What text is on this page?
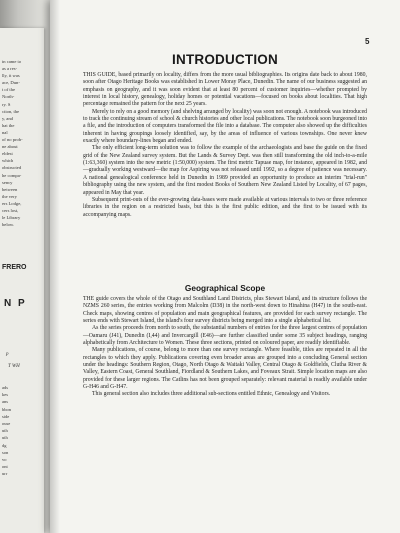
in came to
as a res-
lly, it was
ace, Dun-
t of the
North-
ry. S
ction, the
y, and
hat the
nal
of no prob-
ne about
eldest
which
obstructed
he compa-
sency
between
the very
ers Lodge,
cers lost,
le Library
below.
FRERO
N P
p
T WH
ads
kes
ans
bbon
side
ouse
uth
uth
dg
son
vo
ont
urr
5
INTRODUCTION

THIS GUIDE, based primarily on locality, differs from the more usual bibliographies. Its origins date back to about 1980, soon after Otago Heritage Books was established in Lower Moray Place, Dunedin. The name of our business suggested an emphasis on geography, and it was soon evident that at least 80 percent of customer inquiries—whether prompted by interest in local history, genealogy, holiday homes or potential vacations—focused on books about localities. That high percentage remained the pattern for the next 25 years.

Merely to rely on a good memory (and shelving arranged by locality) was soon not enough. A notebook was introduced to track the continuing stream of school & church histories and other local publications. The notebook soon burgeoned into a file, and the introduction of computers transformed the file into a database. The computer also showed up the difficulties inherent in having groupings loosely identified, say, by the areas of influence of various townships. One never knew exactly where boundary-lines began and ended.

The only efficient long-term solution was to follow the example of the archaeologists and base the guide on the fixed grid of the New Zealand survey system. But the Lands & Survey Dept. was then still transforming the old inch-to-a-mile (1:63,360) system into the new metric (1:50,000) system. The first metric Tapuae map, for instance, appeared in 1982, and—gradually working westward—the map for Aspiring was not released until 1992, so a degree of patience was necessary. A national genealogical conference held in Dunedin in 1989 provided an opportunity to produce an interim "trial-run" bibliography using the new system, and the first modest Books of Southern New Zealand Listed by Locality, of 67 pages, appeared in May that year.

Subsequent print-outs of the ever-growing data-bases were made available at various intervals to two or three reference libraries in the region on a restricted basis, but this is the first public edition, and the first to be issued with its accompanying maps.

Geographical Scope

THE guide covers the whole of the Otago and Southland Land Districts, plus Stewart Island, and its structure follows the NZMS 260 series, the entries working from Malcolm (D38) in the north-west down to Hinahina (H47) in the south-east. Check maps, showing centres of population and main geographical features, are provided for each survey rectangle. The series ends with Stewart Island, the island's four survey districts being merged into a single alphabetical list.

As the series proceeds from north to south, the substantial numbers of entries for the three largest centres of population—Oamaru (J41), Dunedin (I,44) and Invercargill (E46)—are further classified under some 35 subject headings, ranging alphabetically from Architecture to Women. These three sections, printed on coloured paper, are readily identifiable.

Many publications, of course, belong to more than one survey rectangle. Where feasible, titles are repeated in all the rectangles to which they apply. Publications covering even broader areas are grouped into a concluding General section under the headings: Southern Region, Otago, North Otago & Waitaki Valley, Central Otago & Goldfields, Clutha River & Valley, Eastern Coast, General Southland, Fiordland & Southern Lakes, and Foveaux Strait. Simple location maps are also provided for these larger regions. The Catlins has not been grouped separately: relevant material is readily available under G-H46 and G-H47.

This general section also includes three additional sub-sections entitled Ethnic, Genealogy and Visitors.
